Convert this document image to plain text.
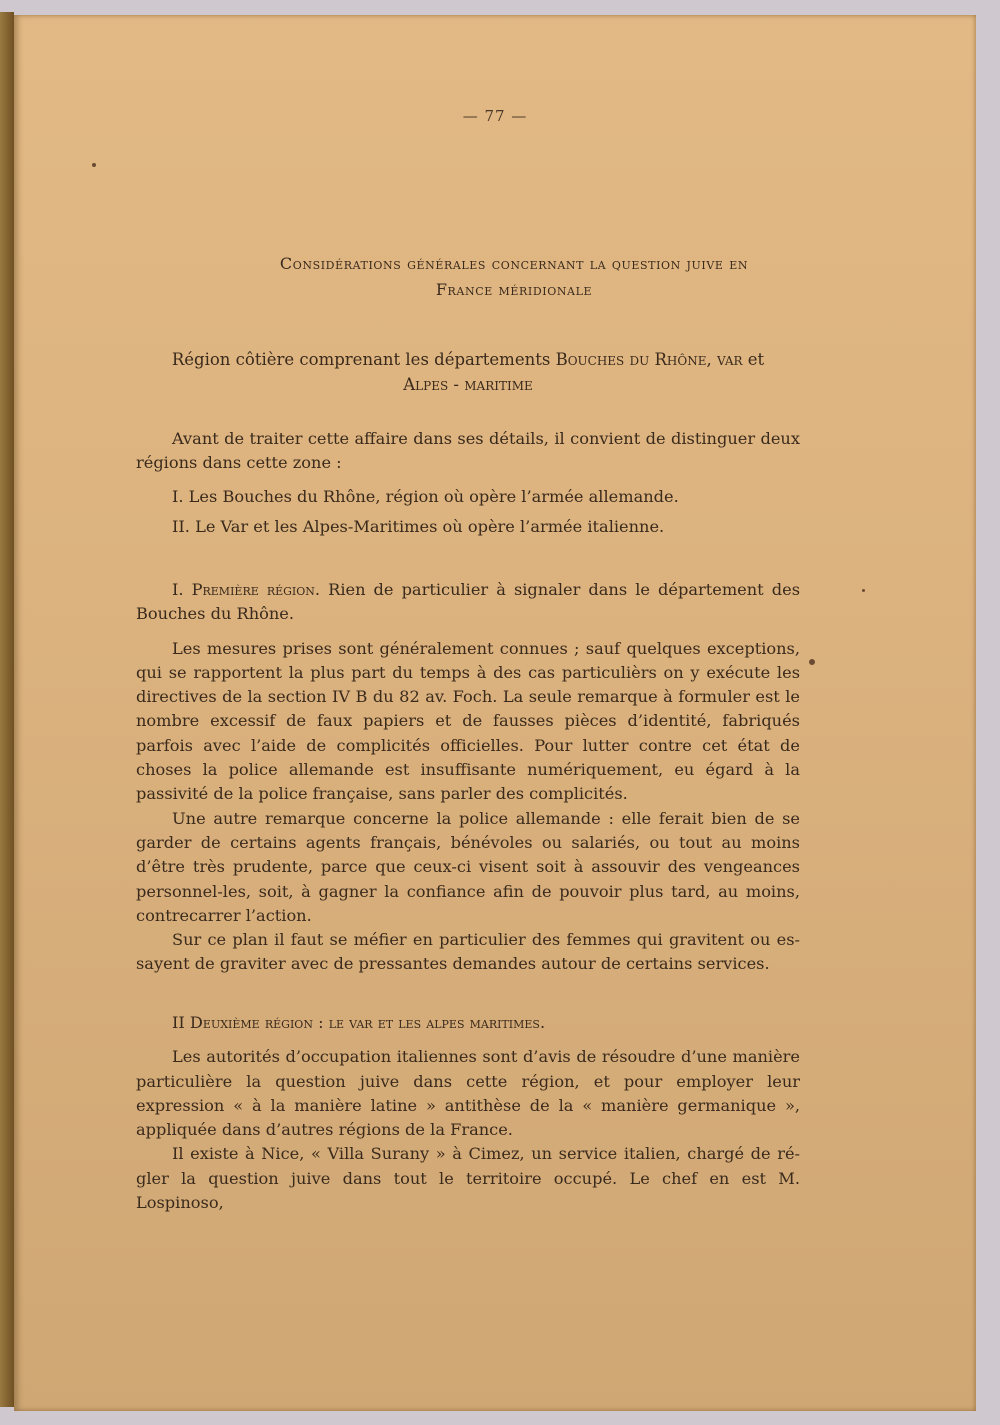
— 77 —
Considérations générales concernant la question juive en
France méridionale
Région côtière comprenant les départements Bouches du Rhône, var et
Alpes - maritime

Avant de traiter cette affaire dans ses détails, il convient de distinguer deux régions dans cette zone :

I. Les Bouches du Rhône, région où opère l’armée allemande.

II. Le Var et les Alpes-Maritimes où opère l’armée italienne.

I. Première région. Rien de particulier à signaler dans le département des Bouches du Rhône.

Les mesures prises sont généralement connues ; sauf quelques exceptions, qui se rapportent la plus part du temps à des cas particulièrs on y exécute les directives de la section IV B du 82 av. Foch. La seule remarque à formuler est le nombre excessif de faux papiers et de fausses pièces d’identité, fabriqués parfois avec l’aide de complicités officielles. Pour lutter contre cet état de choses la police allemande est insuffisante numériquement, eu égard à la passivité de la police française, sans parler des complicités.

Une autre remarque concerne la police allemande : elle ferait bien de se garder de certains agents français, bénévoles ou salariés, ou tout au moins d’être très prudente, parce que ceux-ci visent soit à assouvir des vengeances personnel-les, soit, à gagner la confiance afin de pouvoir plus tard, au moins, contrecarrer l’action.

Sur ce plan il faut se méfier en particulier des femmes qui gravitent ou es-sayent de graviter avec de pressantes demandes autour de certains services.

II Deuxième région : le var et les alpes maritimes.

Les autorités d’occupation italiennes sont d’avis de résoudre d’une manière particulière la question juive dans cette région, et pour employer leur expression « à la manière latine » antithèse de la « manière germanique », appliquée dans d’autres régions de la France.

Il existe à Nice, « Villa Surany » à Cimez, un service italien, chargé de ré-gler la question juive dans tout le territoire occupé. Le chef en est M. Lospinoso,
